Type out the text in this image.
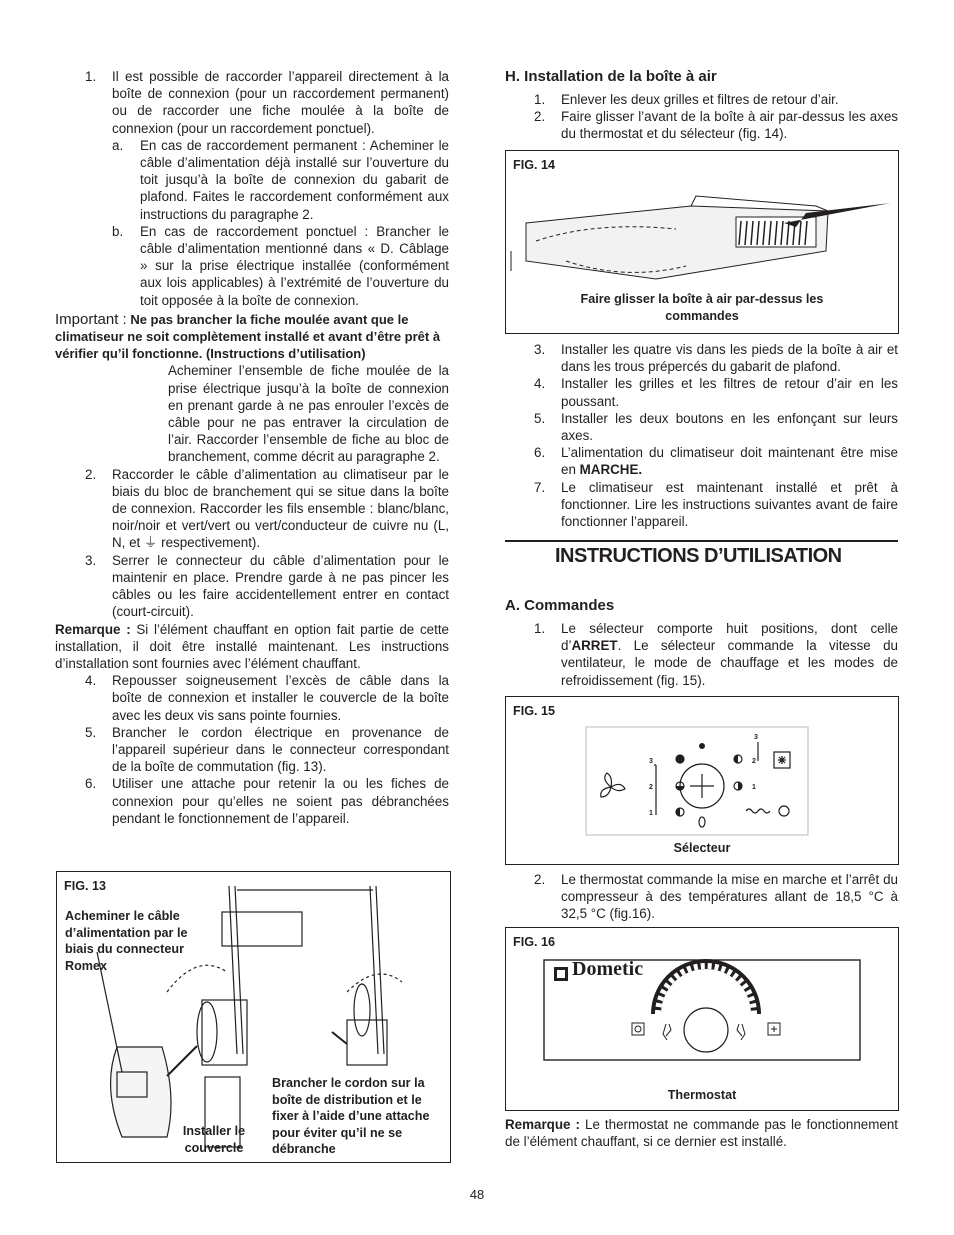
1. Il est possible de raccorder l’appareil directement à la boîte de connexion (pour un raccordement permanent) ou de raccorder une fiche moulée à la boîte de connexion (pour un raccordement ponctuel).
a. En cas de raccordement permanent : Acheminer le câble d’alimentation déjà installé sur l’ouverture du toit jusqu’à la boîte de connexion du gabarit de plafond. Faites le raccordement conformément aux instructions du paragraphe 2.
b. En cas de raccordement ponctuel : Brancher le câble d’alimentation mentionné dans « D. Câblage » sur la prise électrique installée (conformément aux lois applicables) à l’extrémité de l’ouverture du toit opposée à la boîte de connexion.
Important : Ne pas brancher la fiche moulée avant que le climatiseur ne soit complètement installé et avant d’être prêt à vérifier qu’il fonctionne. (Instructions d’utilisation)
Acheminer l’ensemble de fiche moulée de la prise électrique jusqu’à la boîte de connexion en prenant garde à ne pas enrouler l’excès de câble pour ne pas entraver la circulation de l’air. Raccorder l’ensemble de fiche au bloc de branchement, comme décrit au paragraphe 2.
2. Raccorder le câble d’alimentation au climatiseur par le biais du bloc de branchement qui se situe dans la boîte de connexion. Raccorder les fils ensemble : blanc/blanc, noir/noir et vert/vert ou vert/conducteur de cuivre nu (L, N, et ⏚ respectivement).
3. Serrer le connecteur du câble d’alimentation pour le maintenir en place. Prendre garde à ne pas pincer les câbles ou les faire accidentellement entrer en contact (court-circuit).
Remarque : Si l’élément chauffant en option fait partie de cette installation, il doit être installé maintenant. Les instructions d’installation sont fournies avec l’élément chauffant.
4. Repousser soigneusement l’excès de câble dans la boîte de connexion et installer le couvercle de la boîte avec les deux vis sans pointe fournies.
5. Brancher le cordon électrique en provenance de l’appareil supérieur dans le connecteur correspondant de la boîte de commutation (fig. 13).
6. Utiliser une attache pour retenir la ou les fiches de connexion pour qu’elles ne soient pas débranchées pendant le fonctionnement de l’appareil.
FIG. 13
Acheminer le câble d’alimentation par le biais du connecteur Romex
Installer le couvercle
Brancher le cordon sur la boîte de distribution et le fixer à l’aide d’une attache pour éviter qu’il ne se débranche
H. Installation de la boîte à air
1. Enlever les deux grilles et filtres de retour d’air.
2. Faire glisser l’avant de la boîte à air par-dessus les axes du thermostat et du sélecteur (fig. 14).
FIG. 14
Faire glisser la boîte à air par-dessus les commandes
3. Installer les quatre vis dans les pieds de la boîte à air et dans les trous prépercés du gabarit de plafond.
4. Installer les grilles et les filtres de retour d’air en les poussant.
5. Installer les deux boutons en les enfonçant sur leurs axes.
6. L’alimentation du climatiseur doit maintenant être mise en MARCHE.
7. Le climatiseur est maintenant installé et prêt à fonctionner. Lire les instructions suivantes avant de faire fonctionner l’appareil.
INSTRUCTIONS D’UTILISATION
A. Commandes
1. Le sélecteur comporte huit positions, dont celle d’ARRET. Le sélecteur commande la vitesse du ventilateur, le mode de chauffage et les modes de refroidissement (fig. 15).
FIG. 15
3
2
1
2
1
3
Sélecteur
2. Le thermostat commande la mise en marche et l’arrêt du compresseur à des températures allant de 18,5 °C à 32,5 °C (fig.16).
FIG. 16
Dometic
Thermostat
Remarque : Le thermostat ne commande pas le fonctionnement de l’élément chauffant, si ce dernier est installé.
48
